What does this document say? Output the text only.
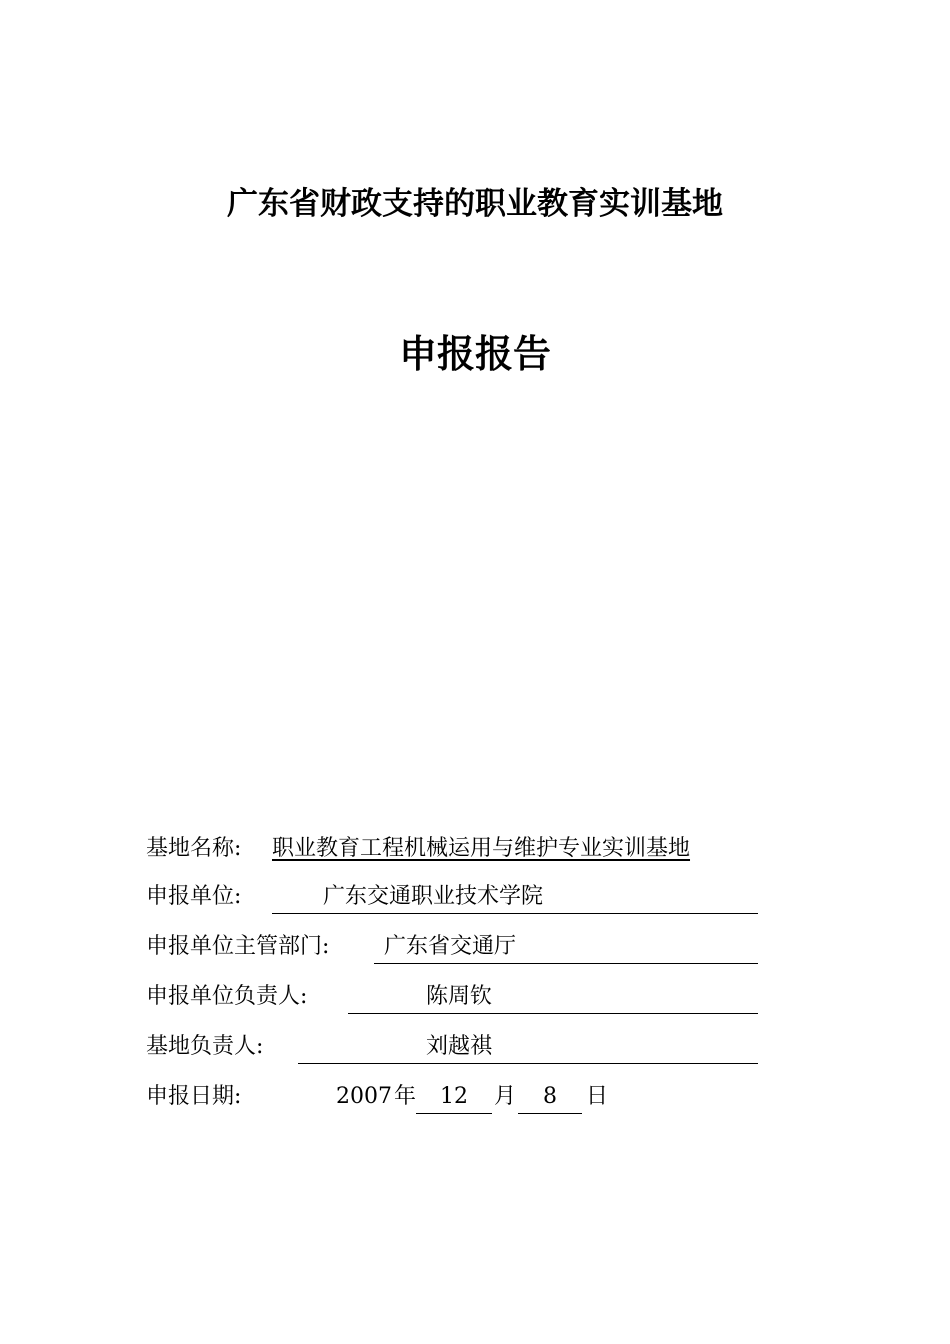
广东省财政支持的职业教育实训基地
申报报告
基地名称: 职业教育工程机械运用与维护专业实训基地
申报单位:	广东交通职业技术学院
申报单位主管部门: 广东省交通厅
申报单位负责人:	陈周钦
基地负责人:	刘越祺
申报日期:	2007 年	12	月	8	日
